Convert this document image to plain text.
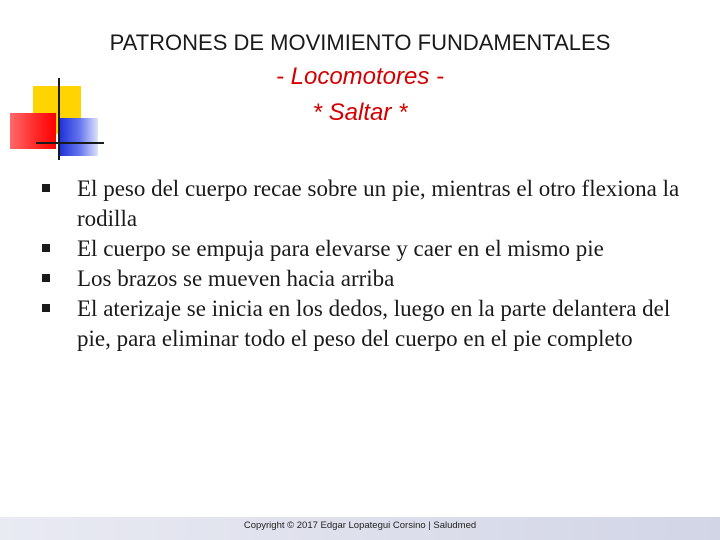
PATRONES DE MOVIMIENTO FUNDAMENTALES
- Locomotores -
* Saltar *
El peso del cuerpo recae sobre un pie, mientras el otro flexiona la rodilla
El cuerpo se empuja para elevarse y caer en el mismo pie
Los brazos se mueven hacia arriba
El aterizaje se inicia en los dedos, luego en la parte delantera del pie, para eliminar todo el peso del cuerpo en el pie completo
Copyright © 2017 Edgar Lopategui Corsino | Saludmed
